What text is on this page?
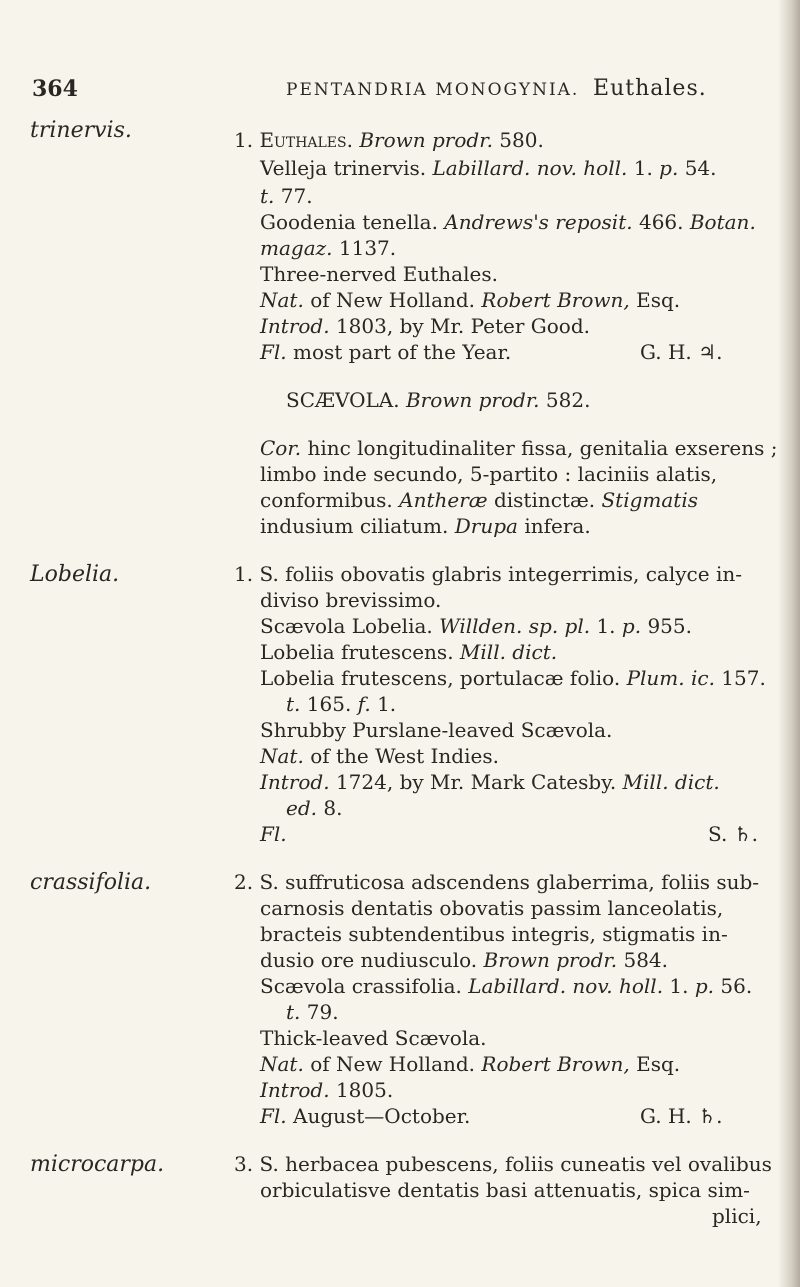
364	PENTANDRIA MONOGYNIA. Euthales.
trinervis.	1. Euthales. Brown prodr. 580.
Velleja trinervis. Labillard. nov. holl. 1. p. 54.
t. 77.
Goodenia tenella. Andrews's reposit. 466. Botan.
magaz. 1137.
Three-nerved Euthales.
Nat. of New Holland. Robert Brown, Esq.
Introd. 1803, by Mr. Peter Good.
Fl. most part of the Year.	G. H. ♃.
SCÆVOLA. Brown prodr. 582.
Cor. hinc longitudinaliter fissa, genitalia exserens ;
limbo inde secundo, 5-partito : laciniis alatis,
conformibus. Antheræ distinctæ. Stigmatis
indusium ciliatum. Drupa infera.
Lobelia.	1. S. foliis obovatis glabris integerrimis, calyce in-
diviso brevissimo.
Scævola Lobelia. Willden. sp. pl. 1. p. 955.
Lobelia frutescens. Mill. dict.
Lobelia frutescens, portulacæ folio. Plum. ic. 157.
t. 165. f. 1.
Shrubby Purslane-leaved Scævola.
Nat. of the West Indies.
Introd. 1724, by Mr. Mark Catesby. Mill. dict.
ed. 8.
Fl.	S. ♄.
crassifolia.	2. S. suffruticosa adscendens glaberrima, foliis sub-
carnosis dentatis obovatis passim lanceolatis,
bracteis subtendentibus integris, stigmatis in-
dusio ore nudiusculo. Brown prodr. 584.
Scævola crassifolia. Labillard. nov. holl. 1. p. 56.
t. 79.
Thick-leaved Scævola.
Nat. of New Holland. Robert Brown, Esq.
Introd. 1805.
Fl. August—October.	G. H. ♄.
microcarpa.	3. S. herbacea pubescens, foliis cuneatis vel ovalibus
orbiculatisve dentatis basi attenuatis, spica sim-
plici,
